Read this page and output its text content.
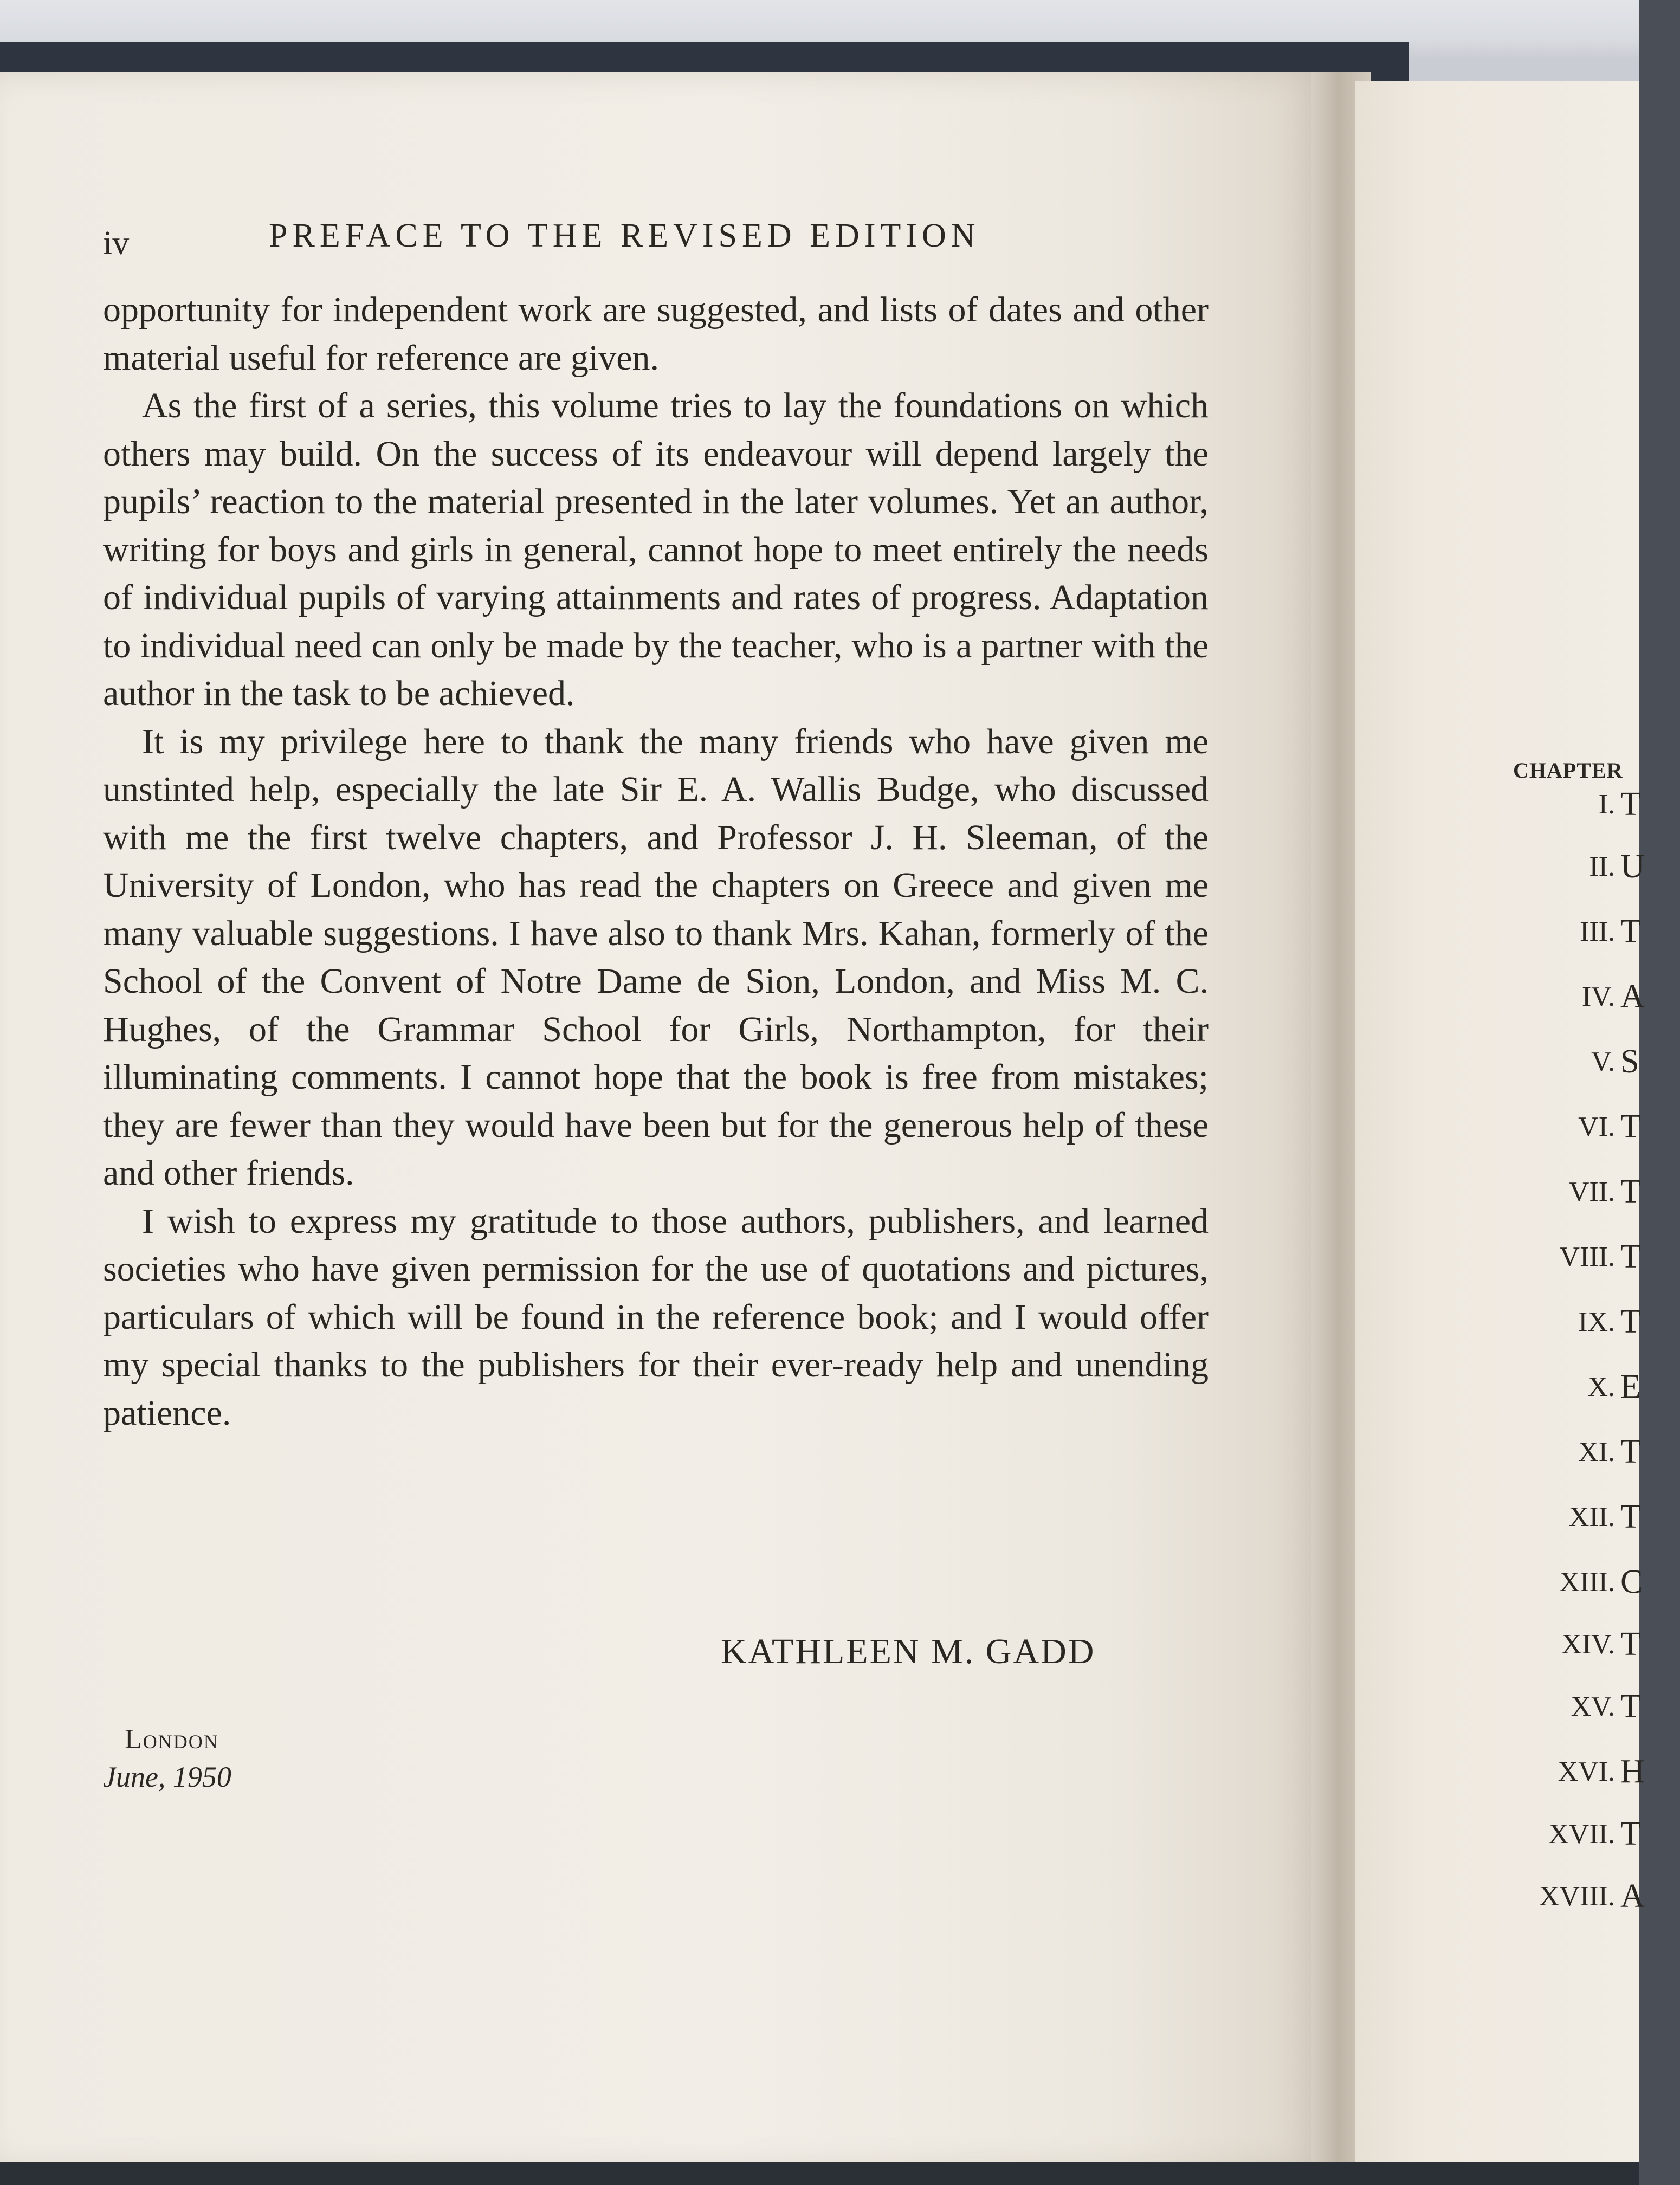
iv	PREFACE TO THE REVISED EDITION

opportunity for independent work are suggested, and lists of dates and other material useful for reference are given.

As the first of a series, this volume tries to lay the foundations on which others may build. On the success of its endeavour will depend largely the pupils’ reaction to the material presented in the later volumes. Yet an author, writing for boys and girls in general, cannot hope to meet entirely the needs of individual pupils of varying attainments and rates of progress. Adaptation to individual need can only be made by the teacher, who is a partner with the author in the task to be achieved.

It is my privilege here to thank the many friends who have given me unstinted help, especially the late Sir E. A. Wallis Budge, who discussed with me the first twelve chapters, and Professor J. H. Sleeman, of the University of London, who has read the chapters on Greece and given me many valuable suggestions. I have also to thank Mrs. Kahan, formerly of the School of the Convent of Notre Dame de Sion, London, and Miss M. C. Hughes, of the Grammar School for Girls, Northampton, for their illuminating comments. I cannot hope that the book is free from mistakes; they are fewer than they would have been but for the generous help of these and other friends.

I wish to express my gratitude to those authors, publishers, and learned societies who have given permission for the use of quotations and pictures, particulars of which will be found in the reference book; and I would offer my special thanks to the publishers for their ever-ready help and unending patience.

KATHLEEN M. GADD
London
June, 1950
CHAPTER
I. T
II. U
III. T
IV. A
V. S
VI. T
VII. T
VIII. T
IX. T
X. E
XI. T
XII. T
XIII. C
XIV. T
XV. T
XVI. H
XVII. T
XVIII. A
